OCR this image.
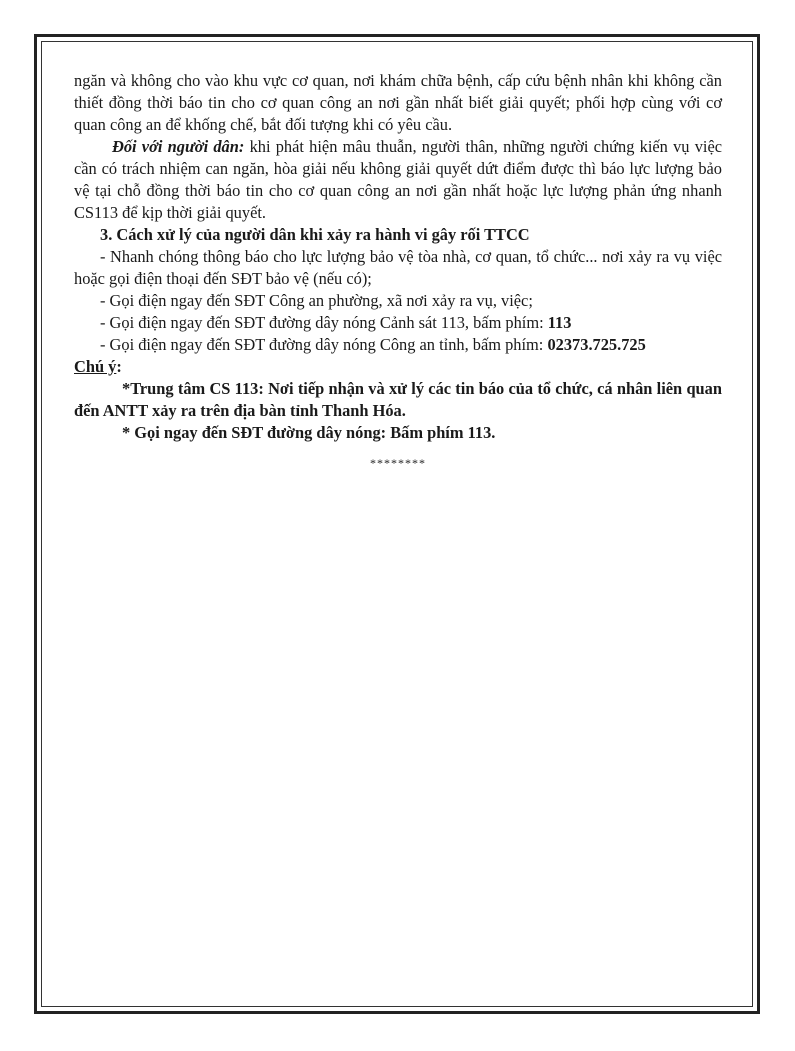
ngăn và không cho vào khu vực cơ quan, nơi khám chữa bệnh, cấp cứu bệnh nhân khi không cần thiết đồng thời báo tin cho cơ quan công an nơi gần nhất biết giải quyết; phối hợp cùng với cơ quan công an để khống chế, bắt đối tượng khi có yêu cầu.

Đối với người dân: khi phát hiện mâu thuẫn, người thân, những người chứng kiến vụ việc cần có trách nhiệm can ngăn, hòa giải nếu không giải quyết dứt điểm được thì báo lực lượng bảo vệ tại chỗ đồng thời báo tin cho cơ quan công an nơi gần nhất hoặc lực lượng phản ứng nhanh CS113 để kịp thời giải quyết.

3. Cách xử lý của người dân khi xảy ra hành vi gây rối TTCC

- Nhanh chóng thông báo cho lực lượng bảo vệ tòa nhà, cơ quan, tổ chức... nơi xảy ra vụ việc hoặc gọi điện thoại đến SĐT bảo vệ (nếu có);

- Gọi điện ngay đến SĐT Công an phường, xã nơi xảy ra vụ, việc;

- Gọi điện ngay đến SĐT đường dây nóng Cảnh sát 113, bấm phím: 113

- Gọi điện ngay đến SĐT đường dây nóng Công an tỉnh, bấm phím: 02373.725.725

Chú ý:

*Trung tâm CS 113: Nơi tiếp nhận và xử lý các tin báo của tổ chức, cá nhân liên quan đến ANTT xảy ra trên địa bàn tỉnh Thanh Hóa.

* Gọi ngay đến SĐT đường dây nóng: Bấm phím 113.

********
